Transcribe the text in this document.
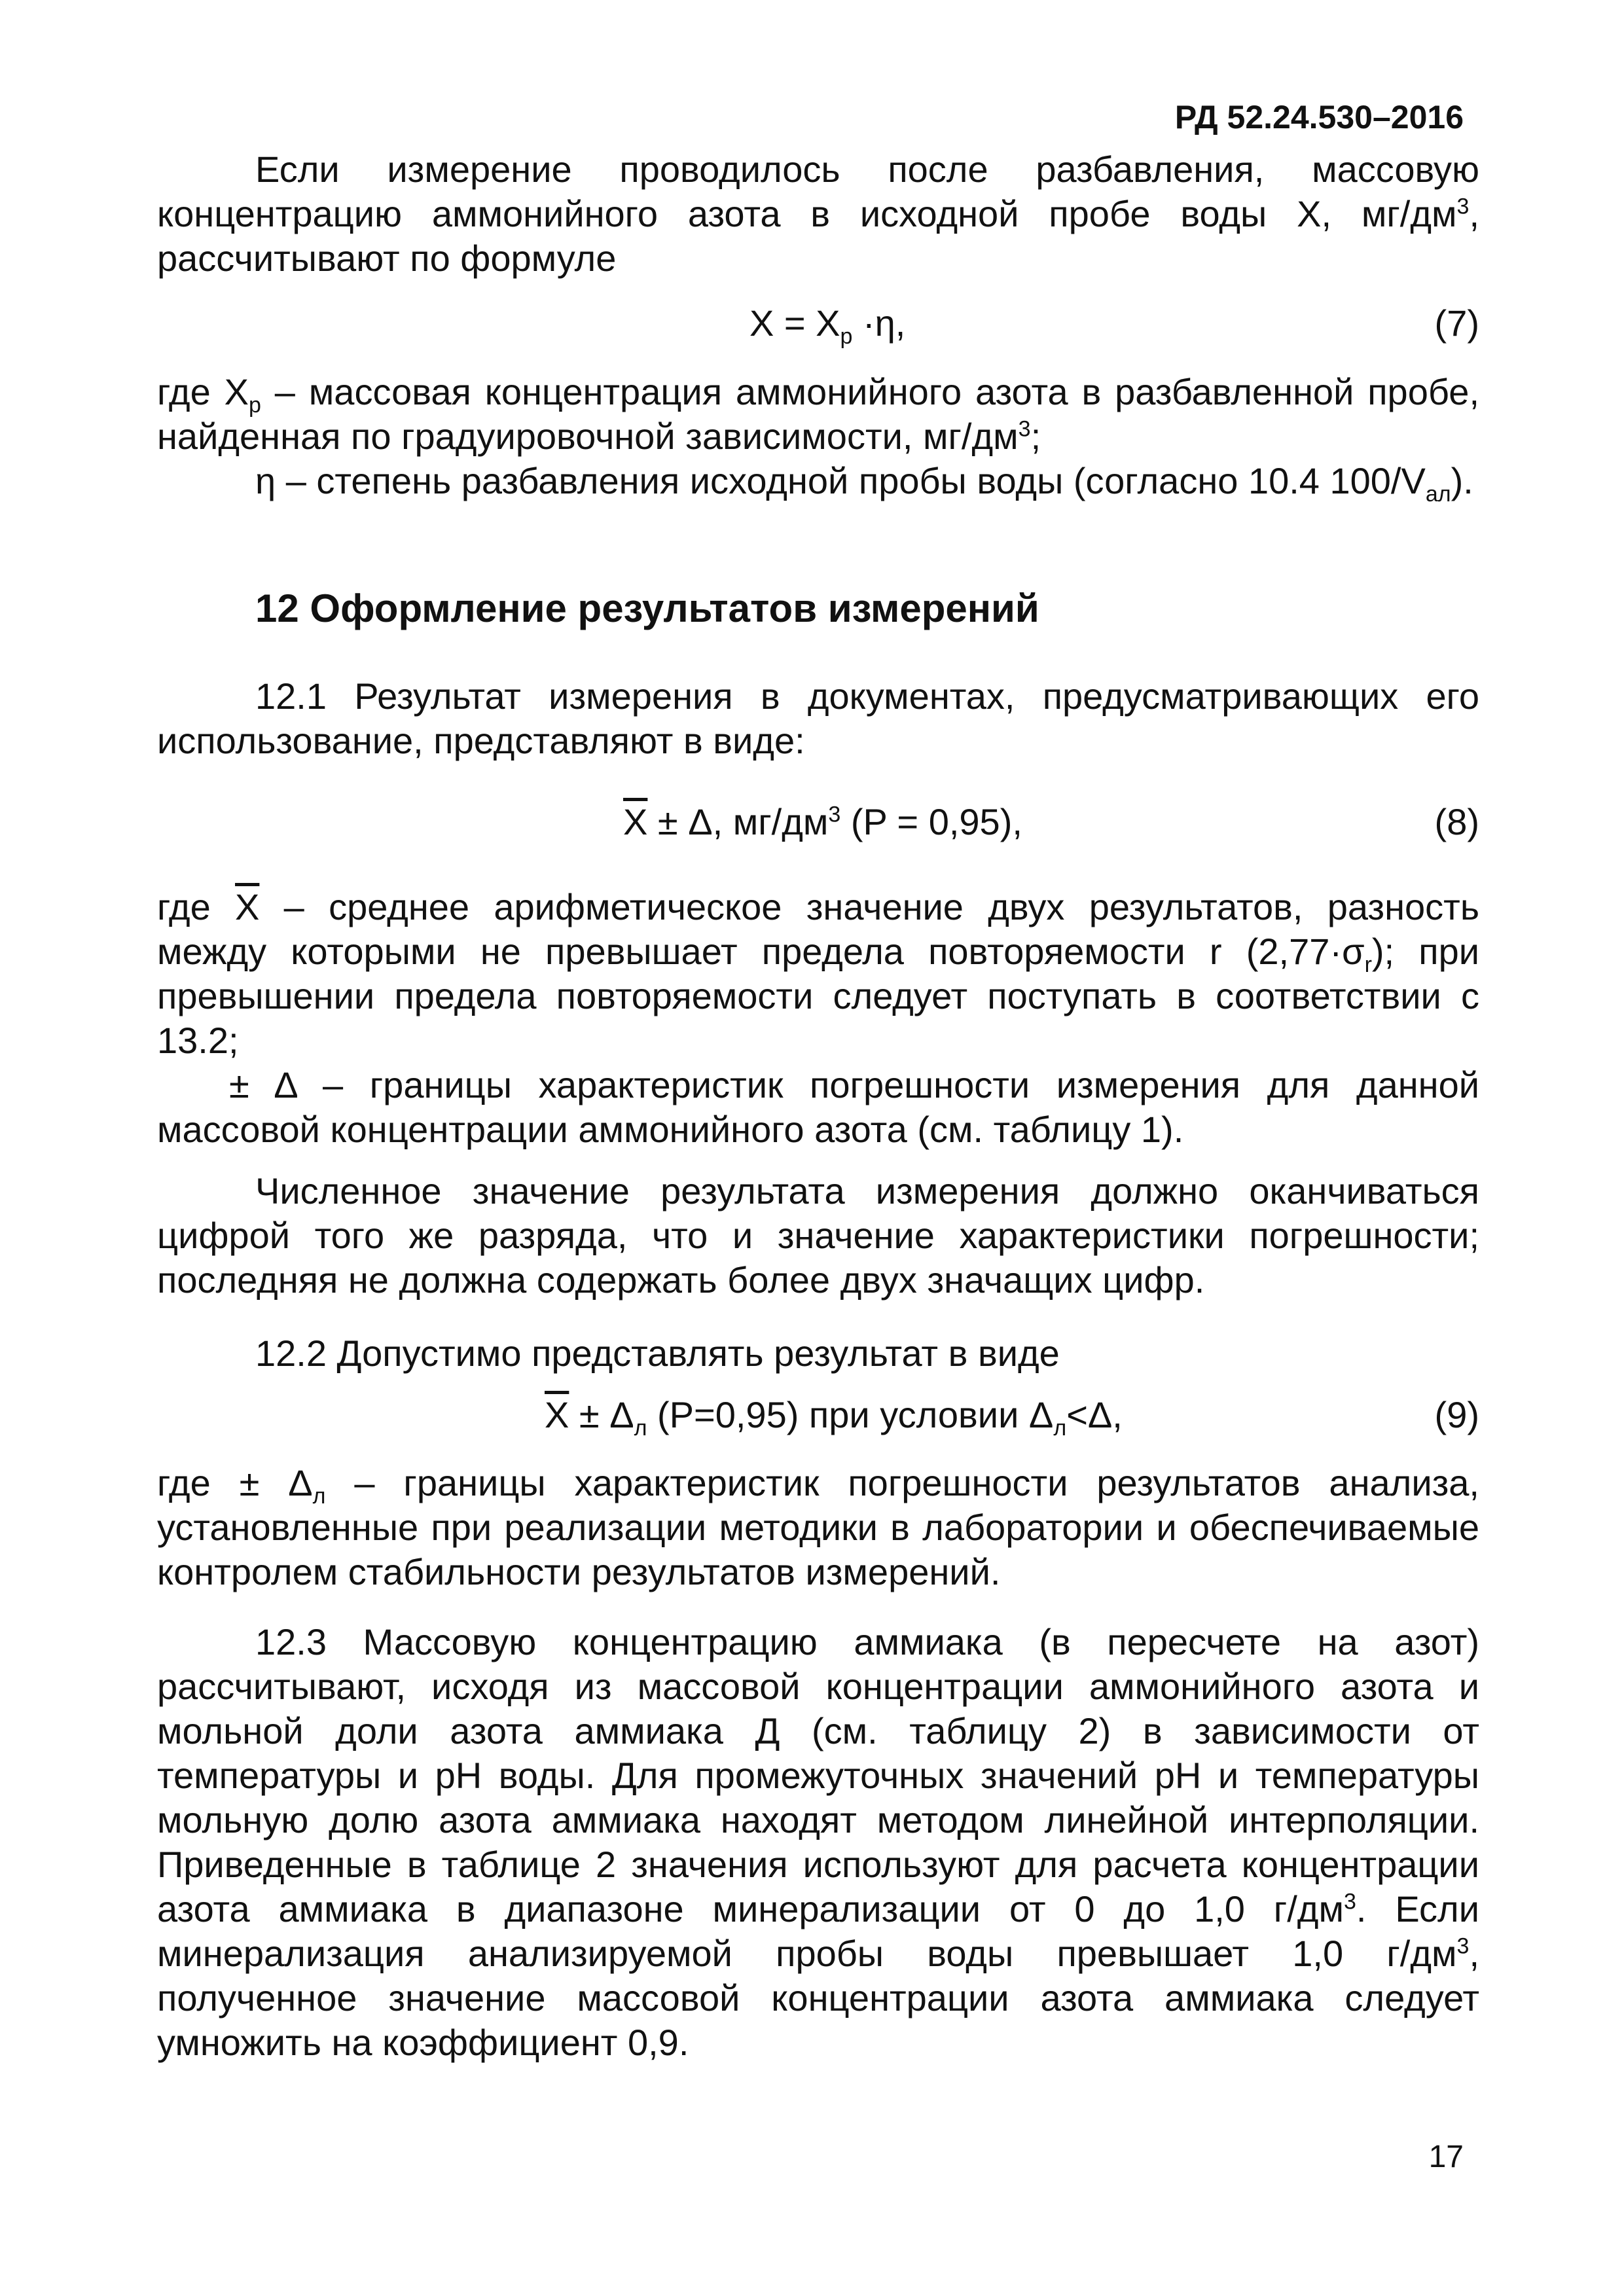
РД 52.24.530–2016
Если измерение проводилось после разбавления, массовую концентрацию аммонийного азота в исходной пробе воды X, $мг/дм^3$, рассчитывают по формуле
$X = X_р \cdot\eta$,	(7)
где $X_р$ – массовая концентрация аммонийного азота в разбавленной пробе, найденная по градуировочной зависимости, $мг/дм^3$;
η – степень разбавления исходной пробы воды (согласно 10.4 $100/V_{ал}$).
12 Оформление результатов измерений
12.1 Результат измерения в документах, предусматривающих его использование, представляют в виде:
$\overline{X} \pm \Delta$, $мг/дм^3$ (P = 0,95),	(8)
где $\overline{X}$ – среднее арифметическое значение двух результатов, разность между которыми не превышает предела повторяемости r $(2,77\cdot\sigma_r)$; при превышении предела повторяемости следует поступать в соответствии с 13.2;
± Δ – границы характеристик погрешности измерения для данной массовой концентрации аммонийного азота (см. таблицу 1).
Численное значение результата измерения должно оканчиваться цифрой того же разряда, что и значение характеристики погрешности; последняя не должна содержать более двух значащих цифр.
12.2 Допустимо представлять результат в виде
$\overline{X} \pm \Delta_л$ (P=0,95) при условии $\Delta_л<\Delta$,	(9)
где ± $\Delta_л$ – границы характеристик погрешности результатов анализа, установленные при реализации методики в лаборатории и обеспечиваемые контролем стабильности результатов измерений.
12.3 Массовую концентрацию аммиака (в пересчете на азот) рассчитывают, исходя из массовой концентрации аммонийного азота и мольной доли азота аммиака Д (см. таблицу 2) в зависимости от температуры и pH воды. Для промежуточных значений pH и температуры мольную долю азота аммиака находят методом линейной интерполяции. Приведенные в таблице 2 значения используют для расчета концентрации азота аммиака в диапазоне минерализации от 0 до 1,0 $г/дм^3$. Если минерализация анализируемой пробы воды превышает 1,0 $г/дм^3$, полученное значение массовой концентрации азота аммиака следует умножить на коэффициент 0,9.
17
